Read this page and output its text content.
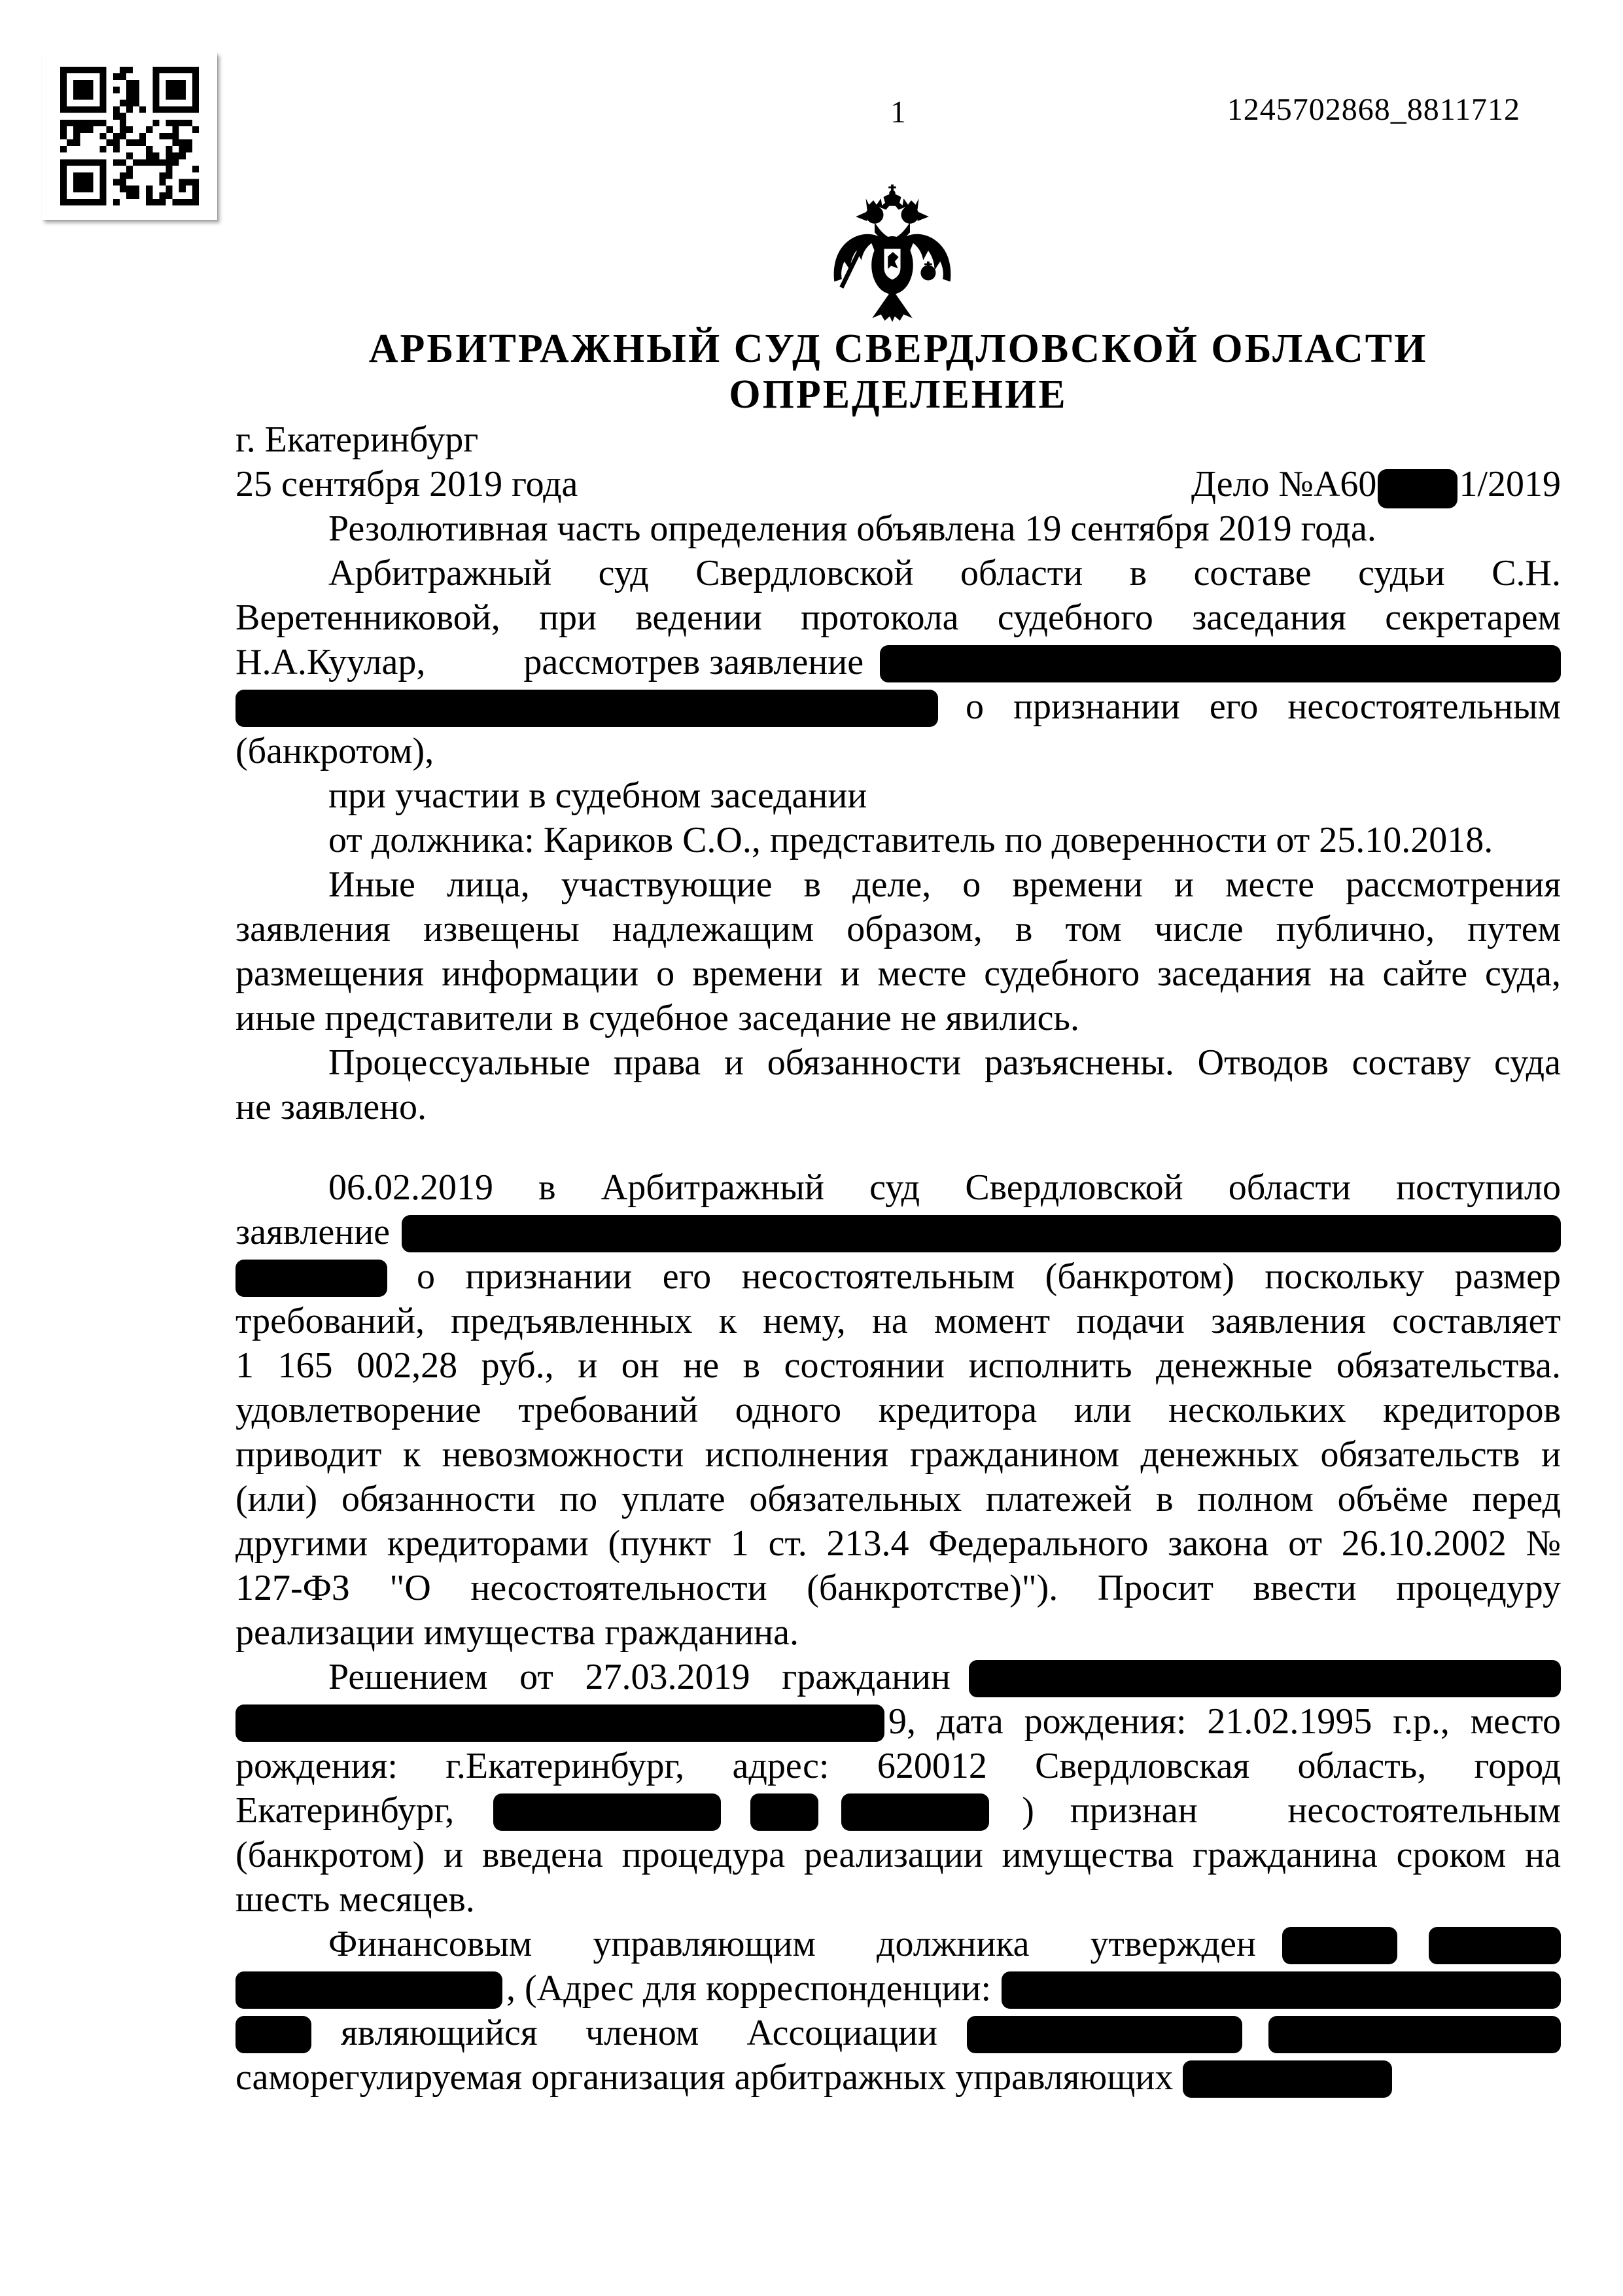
1	1245702868_8811712
АРБИТРАЖНЫЙ СУД СВЕРДЛОВСКОЙ ОБЛАСТИ
ОПРЕДЕЛЕНИЕ
г. Екатеринбург
25 сентября 2019 года	Дело №А60 1/2019
Резолютивная часть определения объявлена 19 сентября 2019 года.
Арбитражный суд Свердловской области в составе судьи С.Н.
Веретенниковой, при ведении протокола судебного заседания секретарем
Н.А.Куулар,	рассмотрев заявление
о признании его несостоятельным
(банкротом),
при участии в судебном заседании
от должника: Кариков С.О., представитель по доверенности от 25.10.2018.
Иные лица, участвующие в деле, о времени и месте рассмотрения
заявления извещены надлежащим образом, в том числе публично, путем
размещения информации о времени и месте судебного заседания на сайте суда,
иные представители в судебное заседание не явились.
Процессуальные права и обязанности разъяснены. Отводов составу суда
не заявлено.
06.02.2019 в Арбитражный суд Свердловской области поступило
заявление
о признании его несостоятельным (банкротом) поскольку размер
требований, предъявленных к нему, на момент подачи заявления составляет
1 165 002,28 руб., и он не в состоянии исполнить денежные обязательства.
удовлетворение требований одного кредитора или нескольких кредиторов
приводит к невозможности исполнения гражданином денежных обязательств и
(или) обязанности по уплате обязательных платежей в полном объёме перед
другими кредиторами (пункт 1 ст. 213.4 Федерального закона от 26.10.2002 №
127-ФЗ "О несостоятельности (банкротстве)"). Просит ввести процедуру
реализации имущества гражданина.
Решением от 27.03.2019 гражданин
9, дата рождения: 21.02.1995 г.р., место
рождения: г.Екатеринбург, адрес: 620012 Свердловская область, город
Екатеринбург,	) признан несостоятельным
(банкротом) и введена процедура реализации имущества гражданина сроком на
шесть месяцев.
Финансовым управляющим должника утвержден
, (Адрес для корреспонденции:
являющийся членом Ассоциации
саморегулируемая организация арбитражных управляющих
